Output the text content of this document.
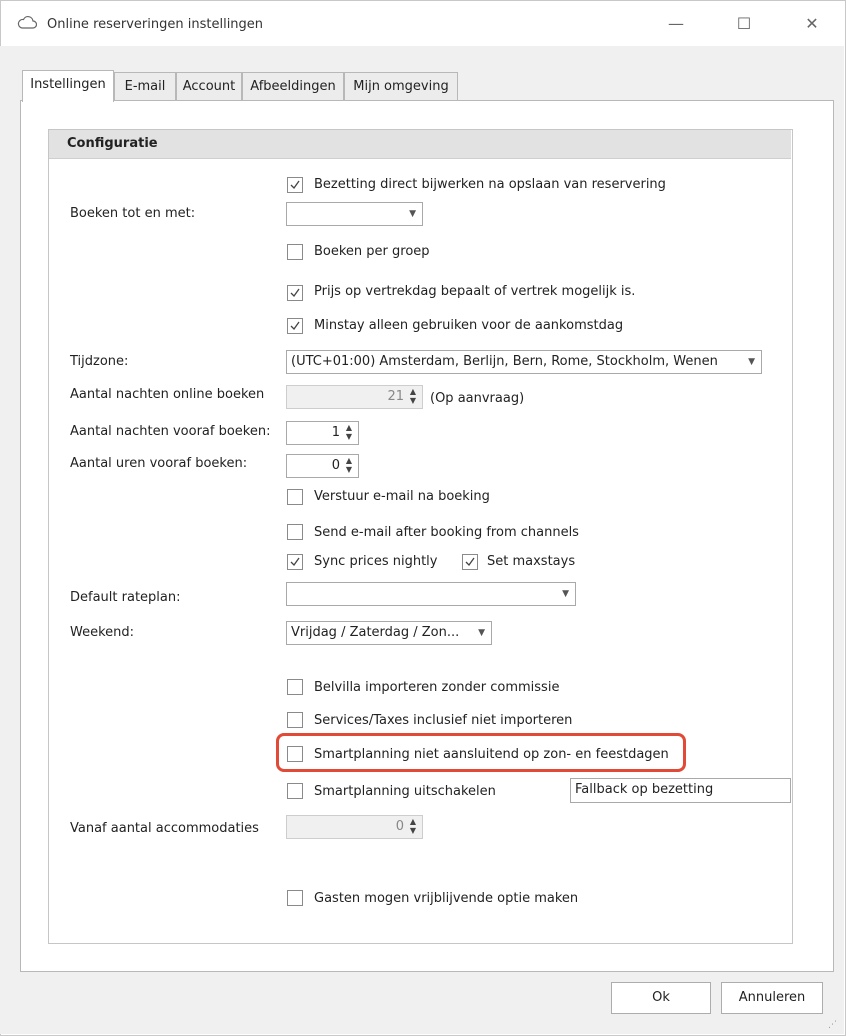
Online reserveringen instellingen	—	☐	✕
Instellingen	E-mail	Account	Afbeeldingen	Mijn omgeving
Configuratie
Bezetting direct bijwerken na opslaan van reservering
Boeken tot en met:	▼
Boeken per groep
Prijs op vertrekdag bepaalt of vertrek mogelijk is.
Minstay alleen gebruiken voor de aankomstdag
Tijdzone:	(UTC+01:00) Amsterdam, Berlijn, Bern, Rome, Stockholm, Wenen	▼
Aantal nachten online boeken	21 ▲
▼ (Op aanvraag)
Aantal nachten vooraf boeken:	1 ▲
▼
Aantal uren vooraf boeken:	0 ▲
▼
Verstuur e-mail na boeking
Send e-mail after booking from channels
Sync prices nightly	Set maxstays
Default rateplan:	▼
Weekend:	Vrijdag / Zaterdag / Zon... ▼
Belvilla importeren zonder commissie
Services/Taxes inclusief niet importeren
Smartplanning niet aansluitend op zon- en feestdagen
Smartplanning uitschakelen	Fallback op bezetting
Vanaf aantal accommodaties	0 ▲
▼
Gasten mogen vrijblijvende optie maken
Ok	Annuleren
⋰
